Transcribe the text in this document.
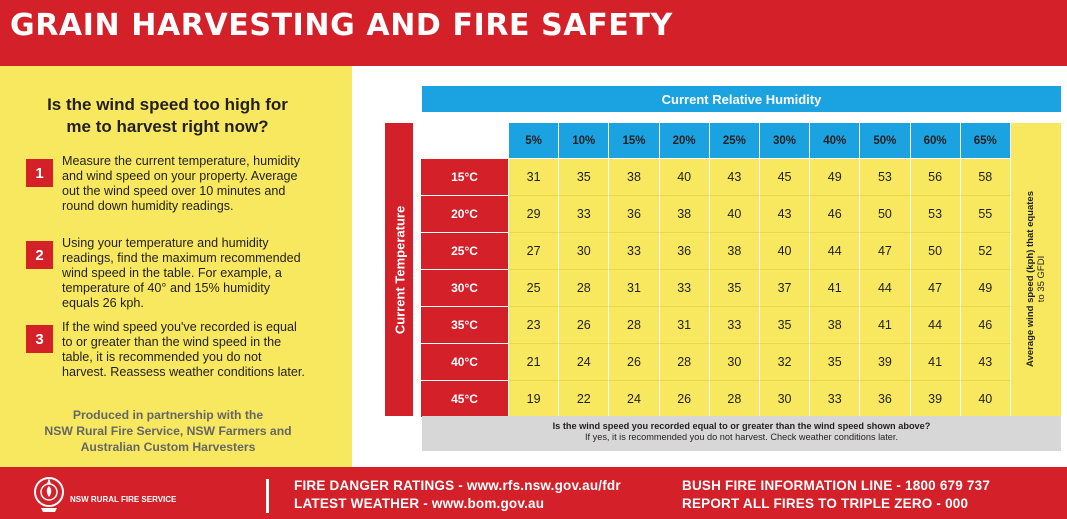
GRAIN HARVESTING AND FIRE SAFETY
Is the wind speed too high for
me to harvest right now?
1
Measure the current temperature, humidity and wind speed on your property. Average out the wind speed over 10 minutes and round down humidity readings.
2
Using your temperature and humidity readings, find the maximum recommended wind speed in the table. For example, a temperature of 40° and 15% humidity equals 26 kph.
3
If the wind speed you've recorded is equal to or greater than the wind speed in the table, it is recommended you do not harvest. Reassess weather conditions later.
Produced in partnership with the
NSW Rural Fire Service, NSW Farmers and
Australian Custom Harvesters
Current Relative Humidity
Current Temperature	Average wind speed (kph) that equates to 35 GFDI
5%	10%	15%	20%	25%	30%	40%	50%	60%	65%
15°C	31	35	38	40	43	45	49	53	56	58
20°C	29	33	36	38	40	43	46	50	53	55
25°C	27	30	33	36	38	40	44	47	50	52
30°C	25	28	31	33	35	37	41	44	47	49
35°C	23	26	28	31	33	35	38	41	44	46
40°C	21	24	26	28	30	32	35	39	41	43
45°C	19	22	24	26	28	30	33	36	39	40
Is the wind speed you recorded equal to or greater than the wind speed shown above?
If yes, it is recommended you do not harvest. Check weather conditions later.
NSW RURAL FIRE SERVICE
FIRE DANGER RATINGS - www.rfs.nsw.gov.au/fdr
LATEST WEATHER - www.bom.gov.au
BUSH FIRE INFORMATION LINE - 1800 679 737
REPORT ALL FIRES TO TRIPLE ZERO - 000
